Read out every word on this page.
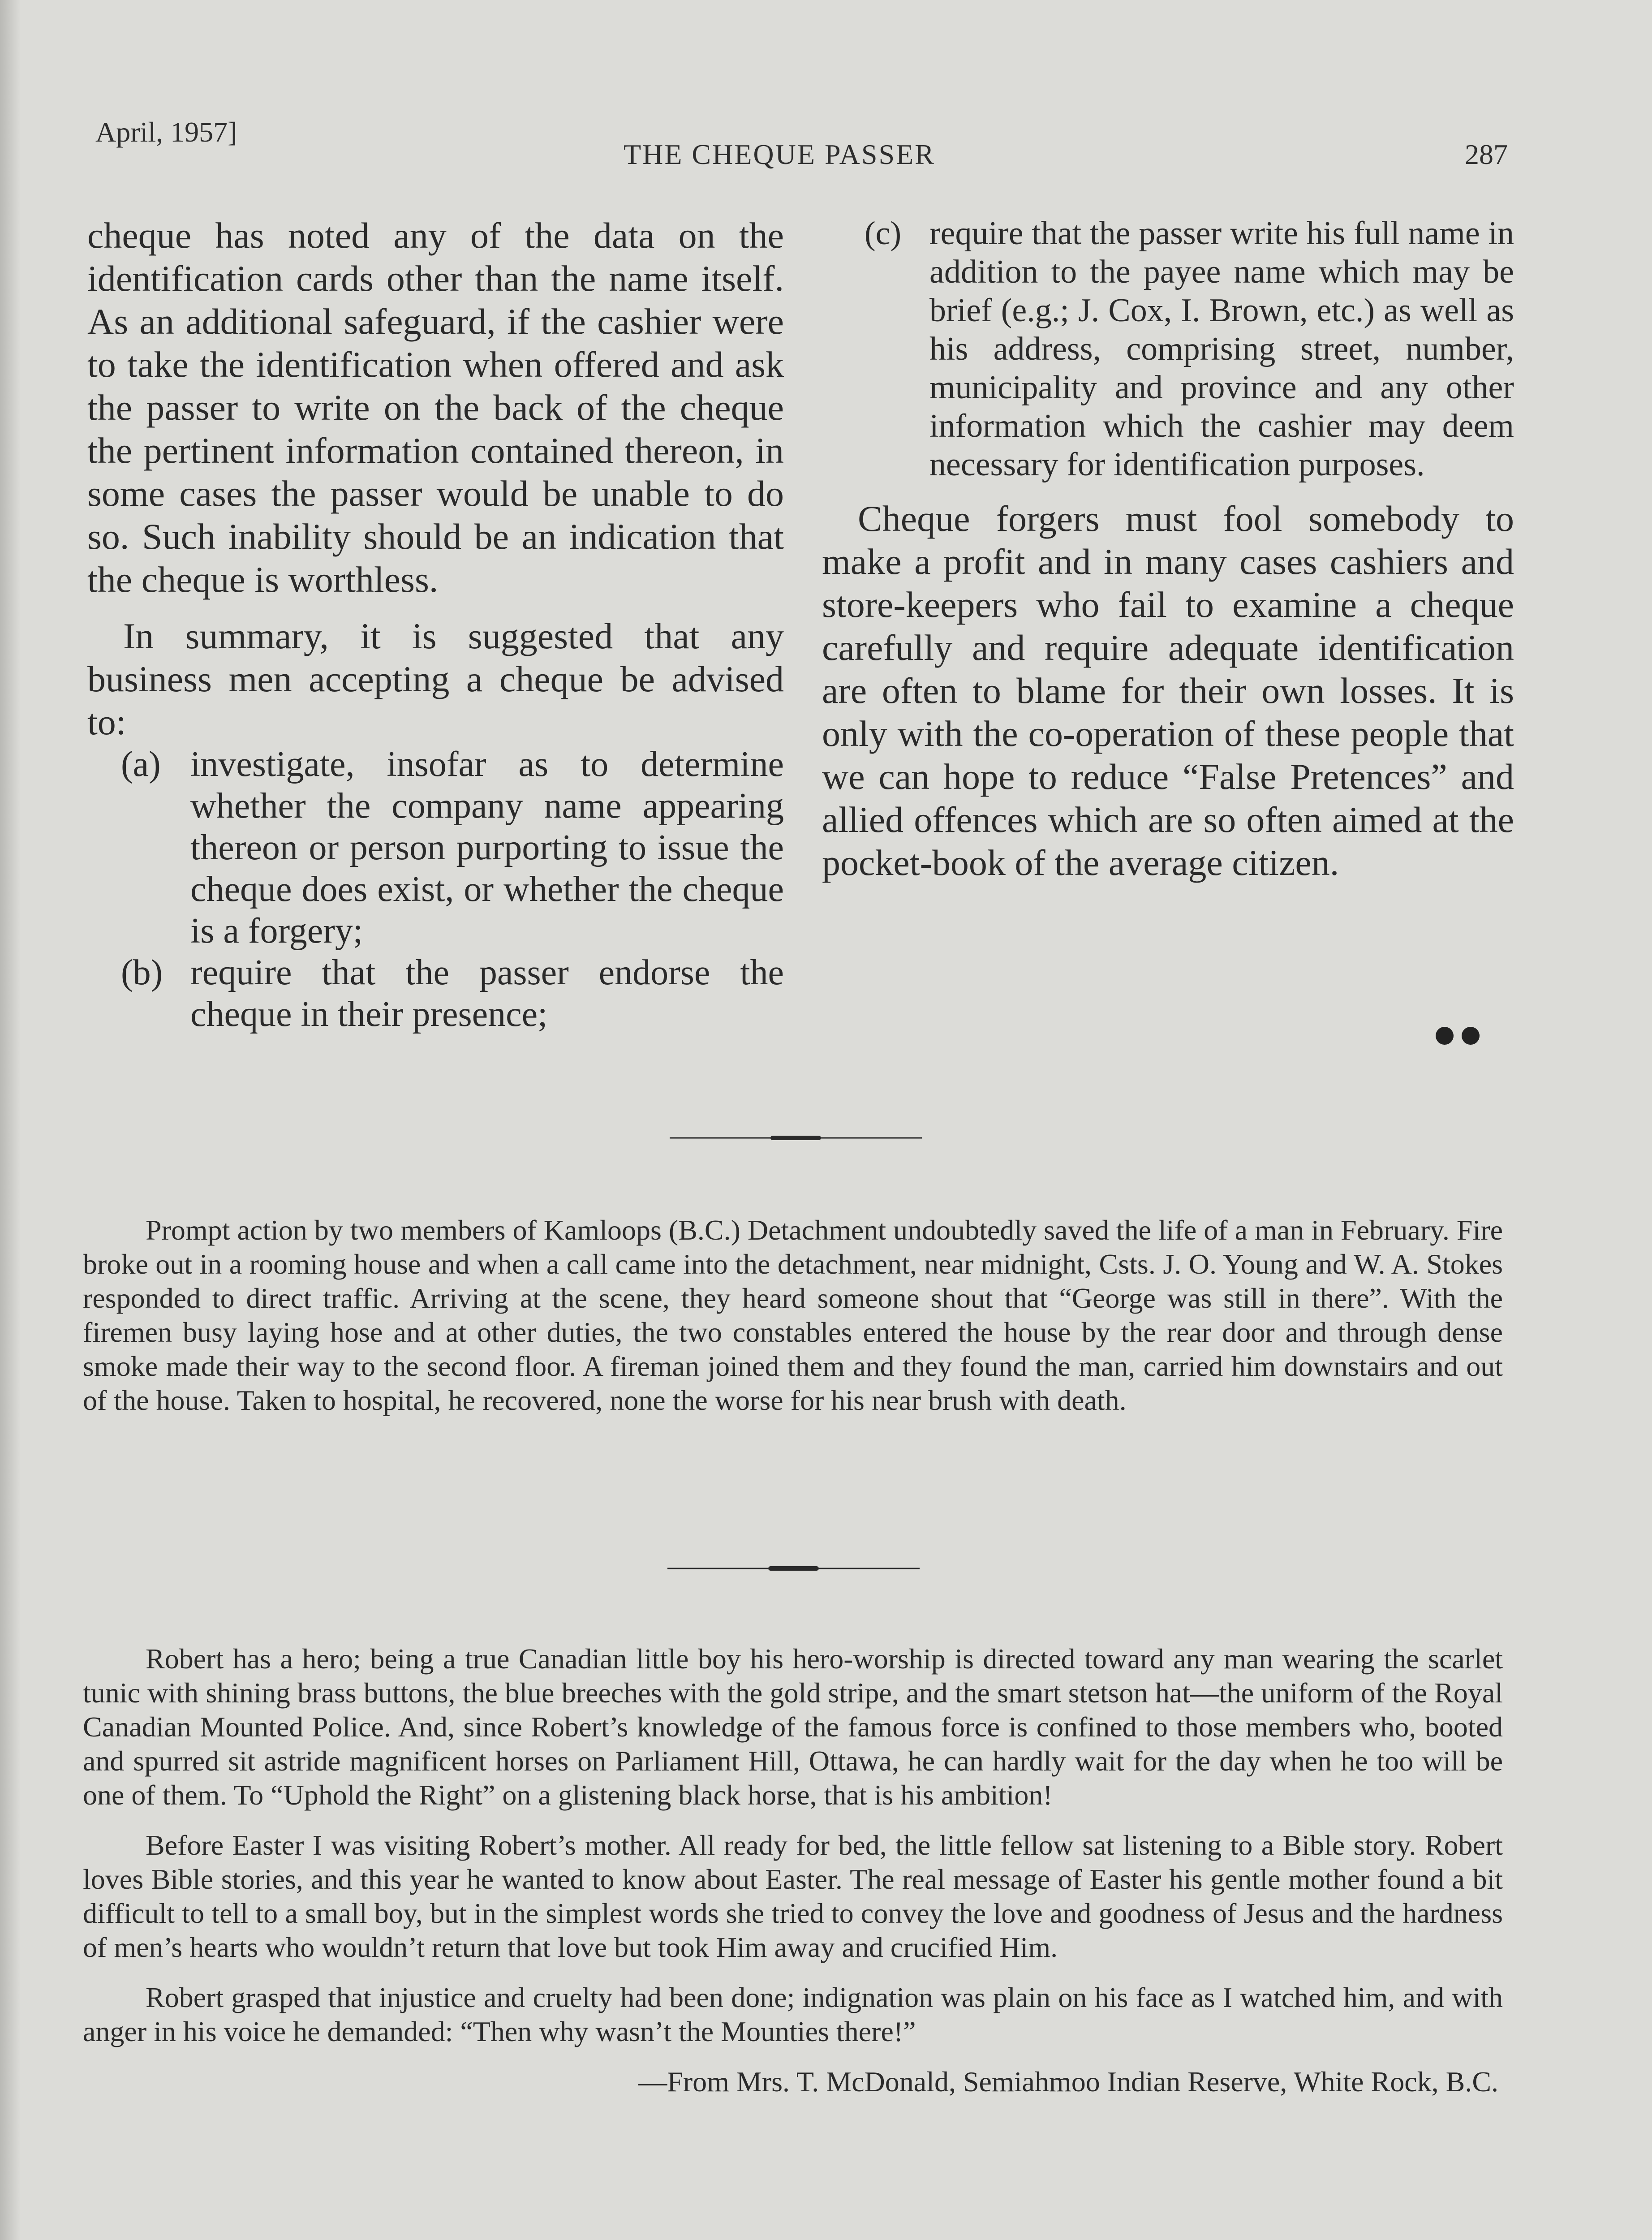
April, 1957]
THE CHEQUE PASSER	287

cheque has noted any of the data on the identification cards other than the name itself. As an additional safeguard, if the cashier were to take the identification when offered and ask the passer to write on the back of the cheque the pertinent information contained thereon, in some cases the passer would be unable to do so. Such inability should be an indication that the cheque is worthless.

In summary, it is suggested that any business men accepting a cheque be advised to:

(a) investigate, insofar as to determine whether the company name appearing thereon or person purporting to issue the cheque does exist, or whether the cheque is a forgery;
(b) require that the passer endorse the cheque in their presence;
(c) require that the passer write his full name in addition to the payee name which may be brief (e.g.; J. Cox, I. Brown, etc.) as well as his address, comprising street, number, municipality and province and any other information which the cashier may deem necessary for identification purposes.

Cheque forgers must fool somebody to make a profit and in many cases cashiers and store-keepers who fail to examine a cheque carefully and require adequate identification are often to blame for their own losses. It is only with the co-operation of these people that we can hope to reduce “False Pretences” and allied offences which are so often aimed at the pocket-book of the average citizen.

Prompt action by two members of Kamloops (B.C.) Detachment undoubtedly saved the life of a man in February. Fire broke out in a rooming house and when a call came into the detachment, near midnight, Csts. J. O. Young and W. A. Stokes responded to direct traffic. Arriving at the scene, they heard someone shout that “George was still in there”. With the firemen busy laying hose and at other duties, the two constables entered the house by the rear door and through dense smoke made their way to the second floor. A fireman joined them and they found the man, carried him downstairs and out of the house. Taken to hospital, he recovered, none the worse for his near brush with death.

Robert has a hero; being a true Canadian little boy his hero-worship is directed toward any man wearing the scarlet tunic with shining brass buttons, the blue breeches with the gold stripe, and the smart stetson hat—the uniform of the Royal Canadian Mounted Police. And, since Robert’s knowledge of the famous force is confined to those members who, booted and spurred sit astride magnificent horses on Parliament Hill, Ottawa, he can hardly wait for the day when he too will be one of them. To “Uphold the Right” on a glistening black horse, that is his ambition!

Before Easter I was visiting Robert’s mother. All ready for bed, the little fellow sat listening to a Bible story. Robert loves Bible stories, and this year he wanted to know about Easter. The real message of Easter his gentle mother found a bit difficult to tell to a small boy, but in the simplest words she tried to convey the love and goodness of Jesus and the hardness of men’s hearts who wouldn’t return that love but took Him away and crucified Him.

Robert grasped that injustice and cruelty had been done; indignation was plain on his face as I watched him, and with anger in his voice he demanded: “Then why wasn’t the Mounties there!”

—From Mrs. T. McDonald, Semiahmoo Indian Reserve, White Rock, B.C.
